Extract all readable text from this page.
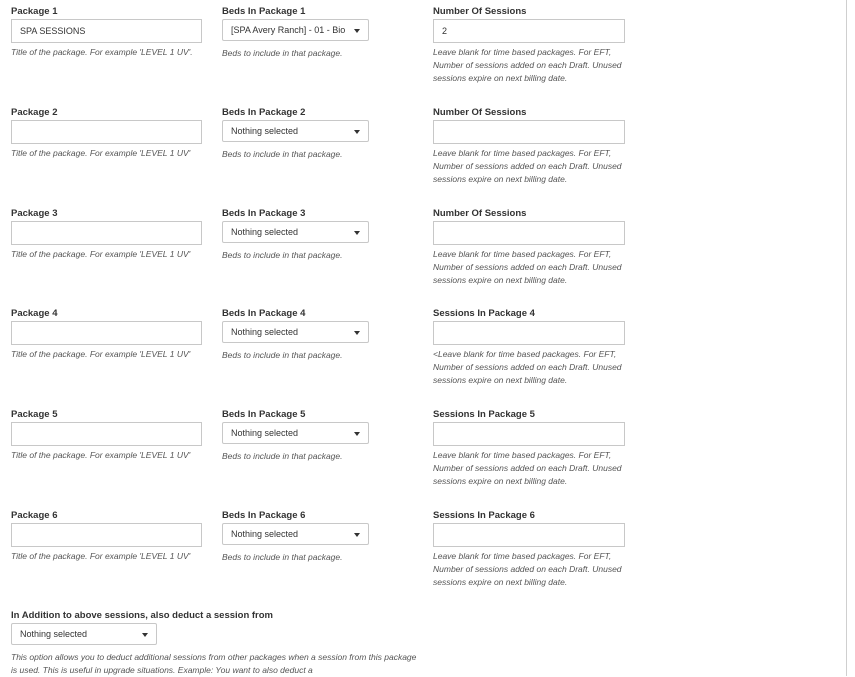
Package 1
SPA SESSIONS
Title of the package. For example 'LEVEL 1 UV'.
Beds In Package 1
[SPA Avery Ranch] - 01 - Bio
Beds to include in that package.
Number Of Sessions
2
Leave blank for time based packages. For EFT, Number of sessions added on each Draft. Unused sessions expire on next billing date.
Package 2
Title of the package. For example 'LEVEL 1 UV'
Beds In Package 2
Nothing selected
Beds to include in that package.
Number Of Sessions
Leave blank for time based packages. For EFT, Number of sessions added on each Draft. Unused sessions expire on next billing date.
Package 3
Title of the package. For example 'LEVEL 1 UV'
Beds In Package 3
Nothing selected
Beds to include in that package.
Number Of Sessions
Leave blank for time based packages. For EFT, Number of sessions added on each Draft. Unused sessions expire on next billing date.
Package 4
Title of the package. For example 'LEVEL 1 UV'
Beds In Package 4
Nothing selected
Beds to include in that package.
Sessions In Package 4
<Leave blank for time based packages. For EFT, Number of sessions added on each Draft. Unused sessions expire on next billing date.
Package 5
Title of the package. For example 'LEVEL 1 UV'
Beds In Package 5
Nothing selected
Beds to include in that package.
Sessions In Package 5
Leave blank for time based packages. For EFT, Number of sessions added on each Draft. Unused sessions expire on next billing date.
Package 6
Title of the package. For example 'LEVEL 1 UV'
Beds In Package 6
Nothing selected
Beds to include in that package.
Sessions In Package 6
Leave blank for time based packages. For EFT, Number of sessions added on each Draft. Unused sessions expire on next billing date.
In Addition to above sessions, also deduct a session from
Nothing selected
This option allows you to deduct additional sessions from other packages when a session from this package is used. This is useful in upgrade situations. Example: You want to also deduct a
